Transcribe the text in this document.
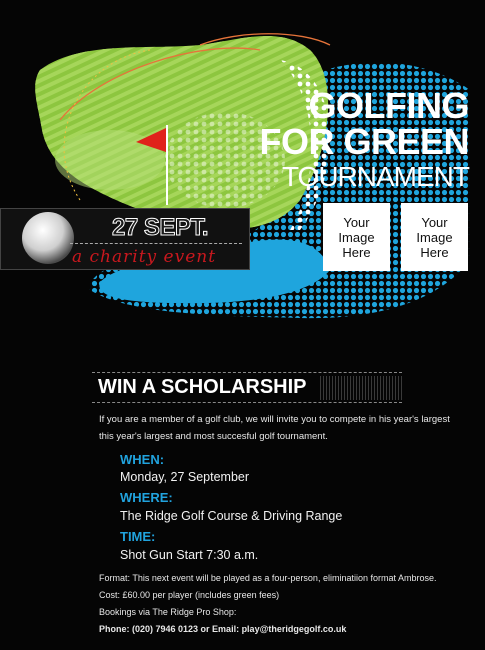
27 SEPT.
a charity event
GOLFING
FOR GREEN
TOURNAMENT
Your
Image
Here
Your
Image
Here
WIN A SCHOLARSHIP
If you are a member of a golf club, we will invite you to compete in his year's largest
this year's largest and most succesful golf tournament.
WHEN:
Monday, 27 September
WHERE:
The Ridge Golf Course & Driving Range
TIME:
Shot Gun Start 7:30 a.m.
Format: This next event will be played as a four-person, eliminatiion format Ambrose.
Cost: £60.00 per player (includes green fees)
Bookings via The Ridge Pro Shop:
Phone: (020) 7946 0123 or Email: play@theridgegolf.co.uk
